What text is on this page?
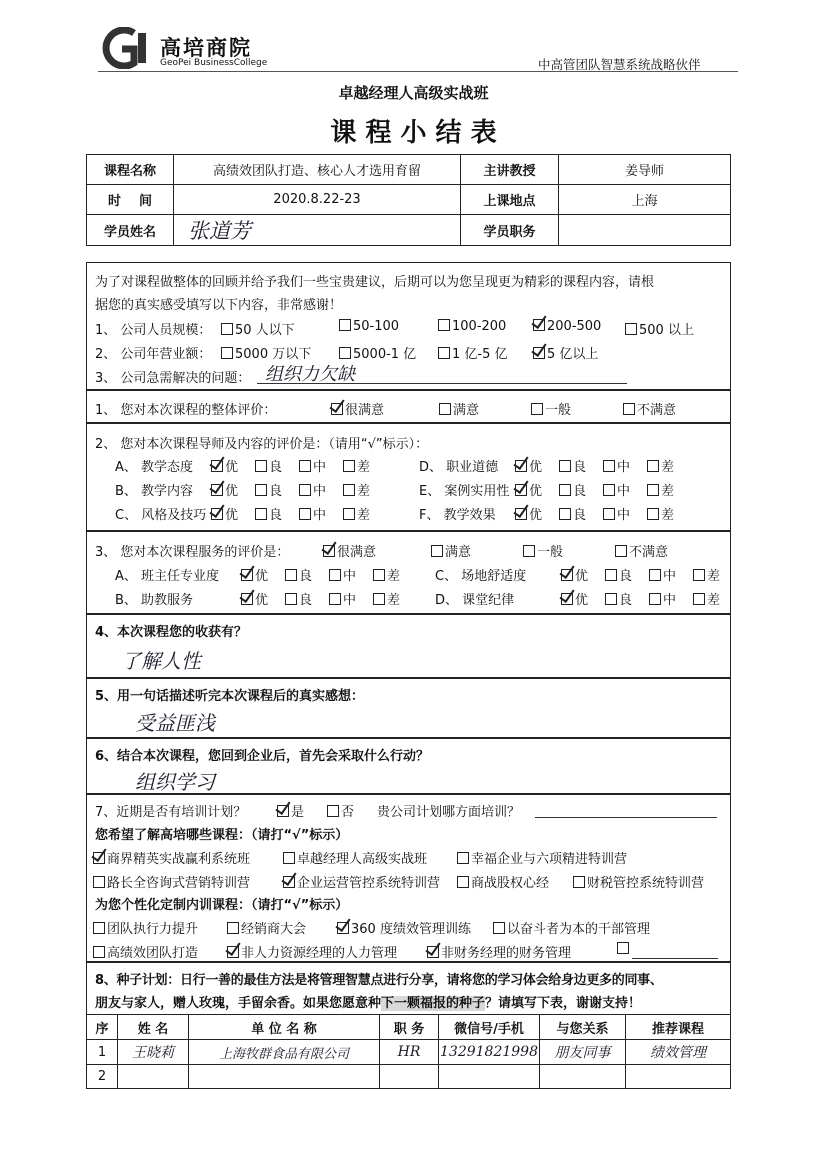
高培商院
GeoPei BusinessCollege	中高管团队智慧系统战略伙伴
卓越经理人高级实战班
课 程 小 结 表
课程名称	高绩效团队打造、核心人才选用育留	主讲教授	姜导师
时    间	2020.8.22-23	上课地点	上海
学员姓名	张道芳	学员职务	
为了对课程做整体的回顾并给予我们一些宝贵建议，后期可以为您呈现更为精彩的课程内容，请根
据您的真实感受填写以下内容，非常感谢！
1、 公司人员规模：	50 人以下	50-100	100-200	200-500	500 以上
2、 公司年营业额：	5000 万以下	5000-1 亿	1 亿-5 亿	5 亿以上
3、 公司急需解决的问题： 组织力欠缺
1、 您对本次课程的整体评价：	很满意	满意	一般	不满意
2、 您对本次课程导师及内容的评价是：（请用“√”标示）：
A、 教学态度	优	良	中	差
B、 教学内容	优	良	中	差
C、 风格及技巧	优	良	中	差
D、 职业道德	优	良	中	差
E、 案例实用性	优	良	中	差
F、 教学效果	优	良	中	差
3、 您对本次课程服务的评价是：	很满意	满意	一般	不满意
A、 班主任专业度	优	良	中	差
B、 助教服务	优	良	中	差
C、 场地舒适度	优	良	中	差
D、 课堂纪律	优	良	中	差
4、本次课程您的收获有？
了解人性
5、用一句话描述听完本次课程后的真实感想：
受益匪浅
6、结合本次课程，您回到企业后，首先会采取什么行动？
组织学习
7、近期是否有培训计划？	是	否 贵公司计划哪方面培训？
您希望了解高培哪些课程：（请打“√”标示）
商界精英实战赢利系统班	卓越经理人高级实战班	幸福企业与六项精进特训营
路长全咨询式营销特训营	企业运营管控系统特训营	商战股权心经	财税管控系统特训营
为您个性化定制内训课程：（请打“√”标示）
团队执行力提升	经销商大会	360 度绩效管理训练	以奋斗者为本的干部管理
高绩效团队打造	非人力资源经理的人力管理	非财务经理的财务管理
8、种子计划：日行一善的最佳方法是将管理智慧点进行分享，请将您的学习体会给身边更多的同事、
朋友与家人，赠人玫瑰，手留余香。如果您愿意种下一颗福报的种子？请填写下表，谢谢支持！
序	姓 名	单 位 名 称	职 务	微信号/手机	与您关系	推荐课程
1	王晓莉	上海牧群食品有限公司	HR	13291821998	朋友同事	绩效管理
2						
